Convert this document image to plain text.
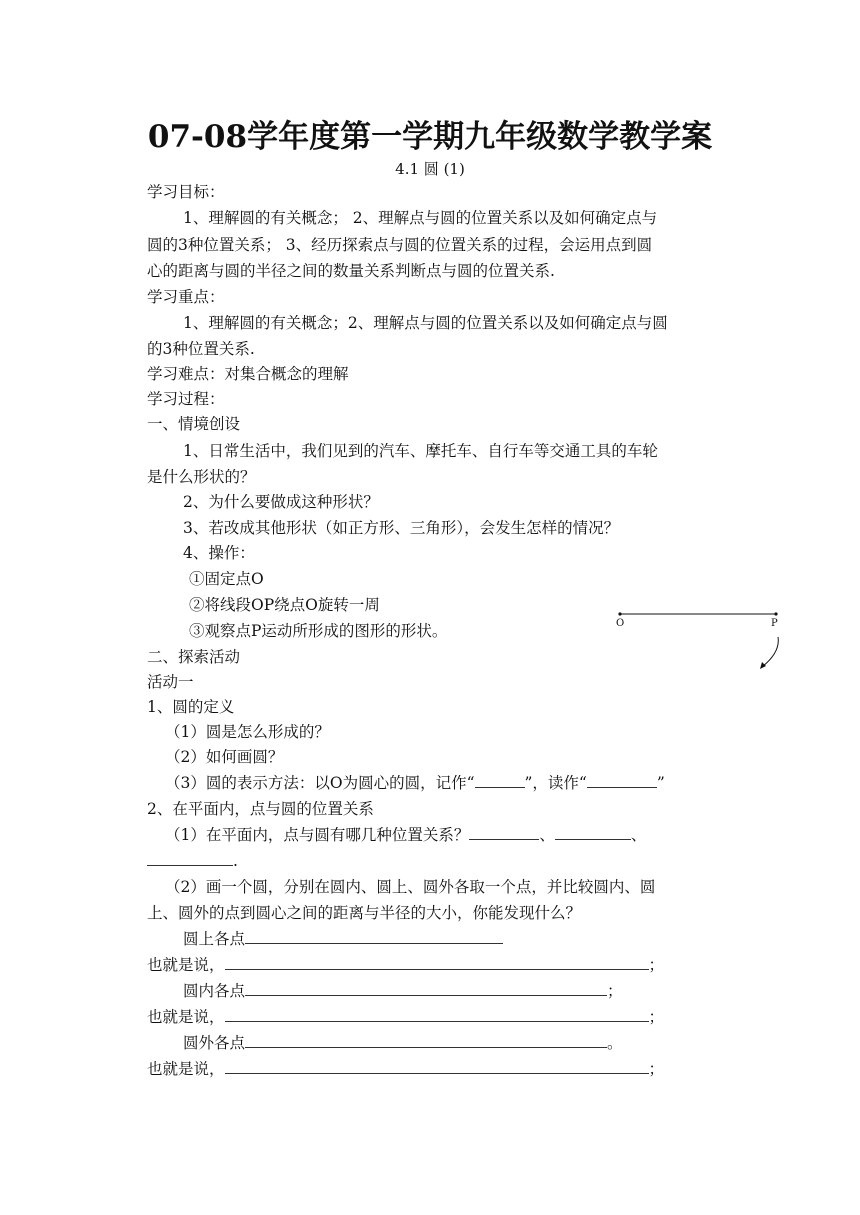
07-08学年度第一学期九年级数学教学案
4.1 圆 (1)
学习目标：
1、理解圆的有关概念； 2、理解点与圆的位置关系以及如何确定点与
圆的3种位置关系； 3、经历探索点与圆的位置关系的过程，会运用点到圆
心的距离与圆的半径之间的数量关系判断点与圆的位置关系.
学习重点：
1、理解圆的有关概念；2、理解点与圆的位置关系以及如何确定点与圆
的3种位置关系.
学习难点：对集合概念的理解
学习过程：
一、情境创设
1、日常生活中，我们见到的汽车、摩托车、自行车等交通工具的车轮
是什么形状的？
2、为什么要做成这种形状？
3、若改成其他形状（如正方形、三角形），会发生怎样的情况？
4、操作：
①固定点O
②将线段OP绕点O旋转一周
③观察点P运动所形成的图形的形状。	O	P
二、探索活动
活动一
1、圆的定义
（1）圆是怎么形成的？
（2）如何画圆？
（3）圆的表示方法：以O为圆心的圆，记作“	”，读作“	”
2、在平面内，点与圆的位置关系
（1）在平面内，点与圆有哪几种位置关系？	、	、
.
（2）画一个圆，分别在圆内、圆上、圆外各取一个点，并比较圆内、圆
上、圆外的点到圆心之间的距离与半径的大小，你能发现什么？
圆上各点
也就是说，	；
圆内各点	；
也就是说，	；
圆外各点	。
也就是说，	；
